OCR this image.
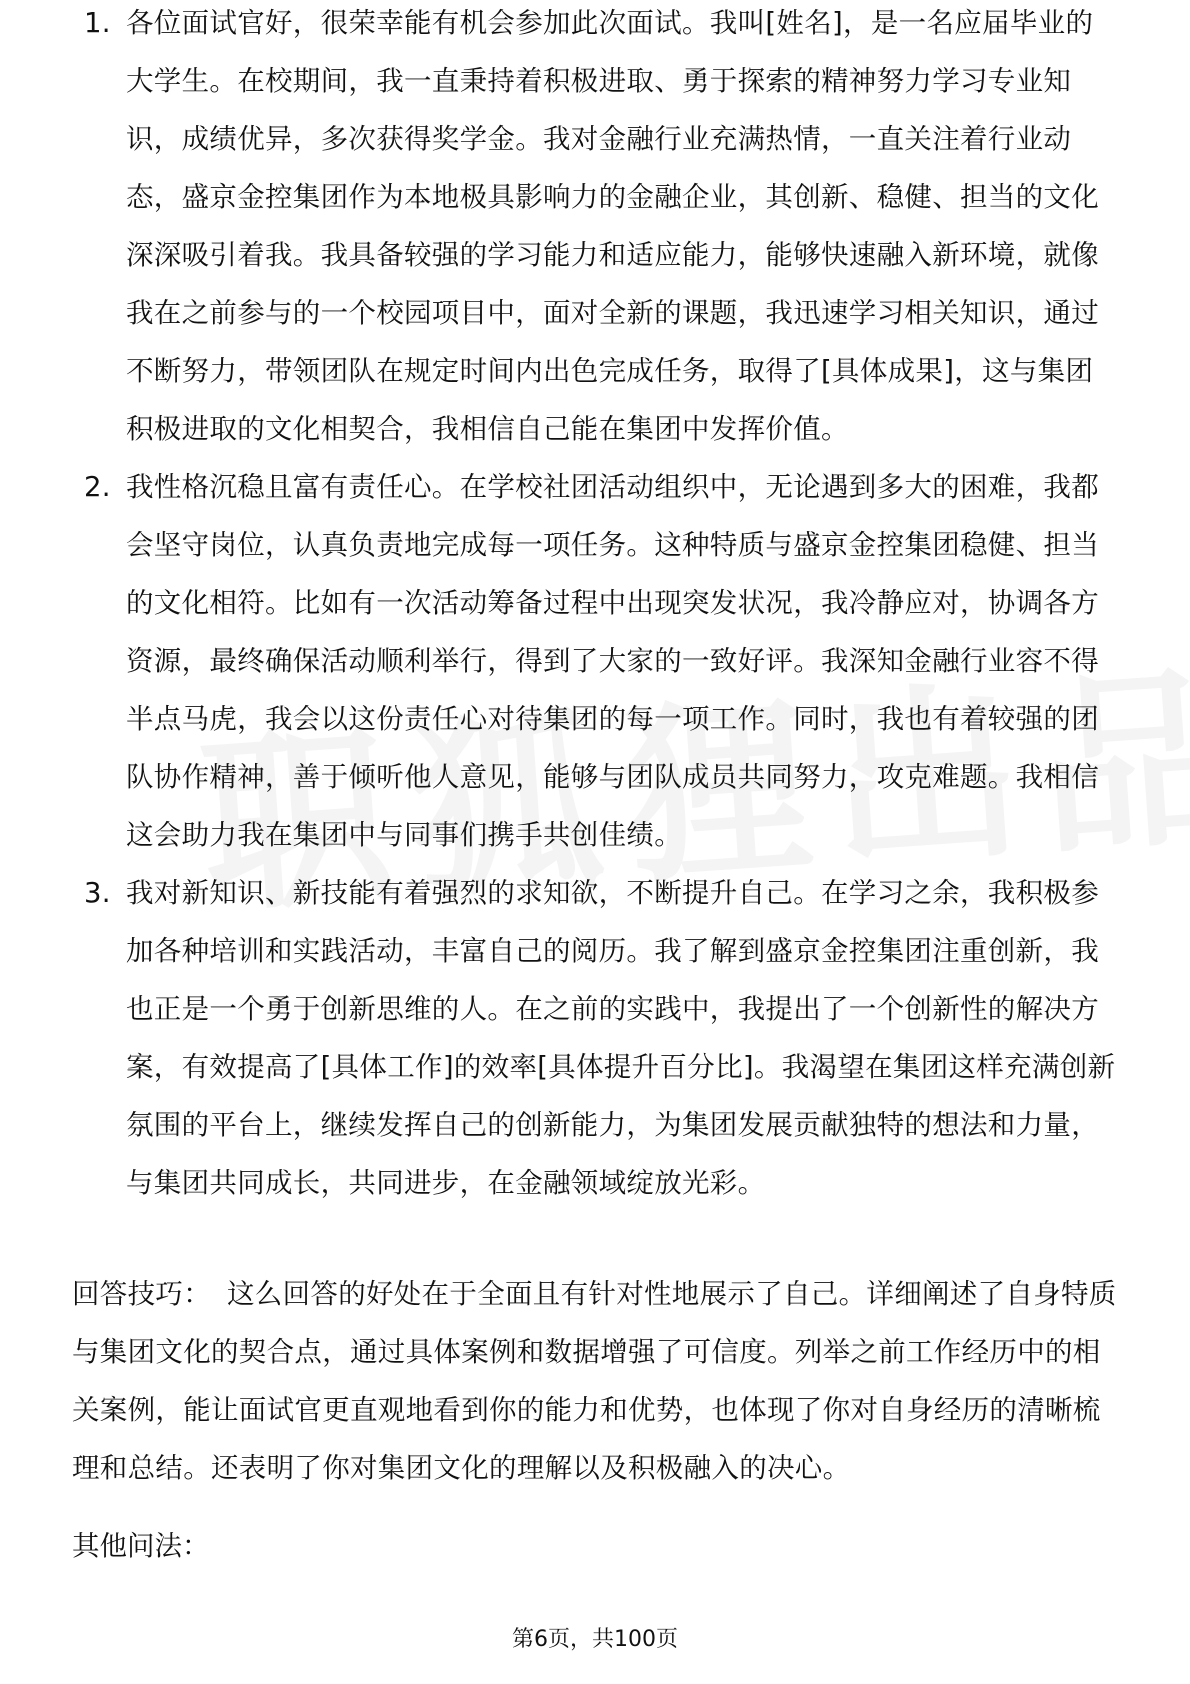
1. 各位面试官好，很荣幸能有机会参加此次面试。我叫[姓名]，是一名应届毕业的大学生。在校期间，我一直秉持着积极进取、勇于探索的精神努力学习专业知识，成绩优异，多次获得奖学金。我对金融行业充满热情，一直关注着行业动态，盛京金控集团作为本地极具影响力的金融企业，其创新、稳健、担当的文化深深吸引着我。我具备较强的学习能力和适应能力，能够快速融入新环境，就像我在之前参与的一个校园项目中，面对全新的课题，我迅速学习相关知识，通过不断努力，带领团队在规定时间内出色完成任务，取得了[具体成果]，这与集团积极进取的文化相契合，我相信自己能在集团中发挥价值。
2. 我性格沉稳且富有责任心。在学校社团活动组织中，无论遇到多大的困难，我都会坚守岗位，认真负责地完成每一项任务。这种特质与盛京金控集团稳健、担当的文化相符。比如有一次活动筹备过程中出现突发状况，我冷静应对，协调各方资源，最终确保活动顺利举行，得到了大家的一致好评。我深知金融行业容不得半点马虎，我会以这份责任心对待集团的每一项工作。同时，我也有着较强的团队协作精神，善于倾听他人意见，能够与团队成员共同努力，攻克难题。我相信这会助力我在集团中与同事们携手共创佳绩。
3. 我对新知识、新技能有着强烈的求知欲，不断提升自己。在学习之余，我积极参加各种培训和实践活动，丰富自己的阅历。我了解到盛京金控集团注重创新，我也正是一个勇于创新思维的人。在之前的实践中，我提出了一个创新性的解决方案，有效提高了[具体工作]的效率[具体提升百分比]。我渴望在集团这样充满创新氛围的平台上，继续发挥自己的创新能力，为集团发展贡献独特的想法和力量，与集团共同成长，共同进步，在金融领域绽放光彩。

回答技巧： 这么回答的好处在于全面且有针对性地展示了自己。详细阐述了自身特质与集团文化的契合点，通过具体案例和数据增强了可信度。列举之前工作经历中的相关案例，能让面试官更直观地看到你的能力和优势，也体现了你对自身经历的清晰梳理和总结。还表明了你对集团文化的理解以及积极融入的决心。

其他问法：

第6页，共100页
